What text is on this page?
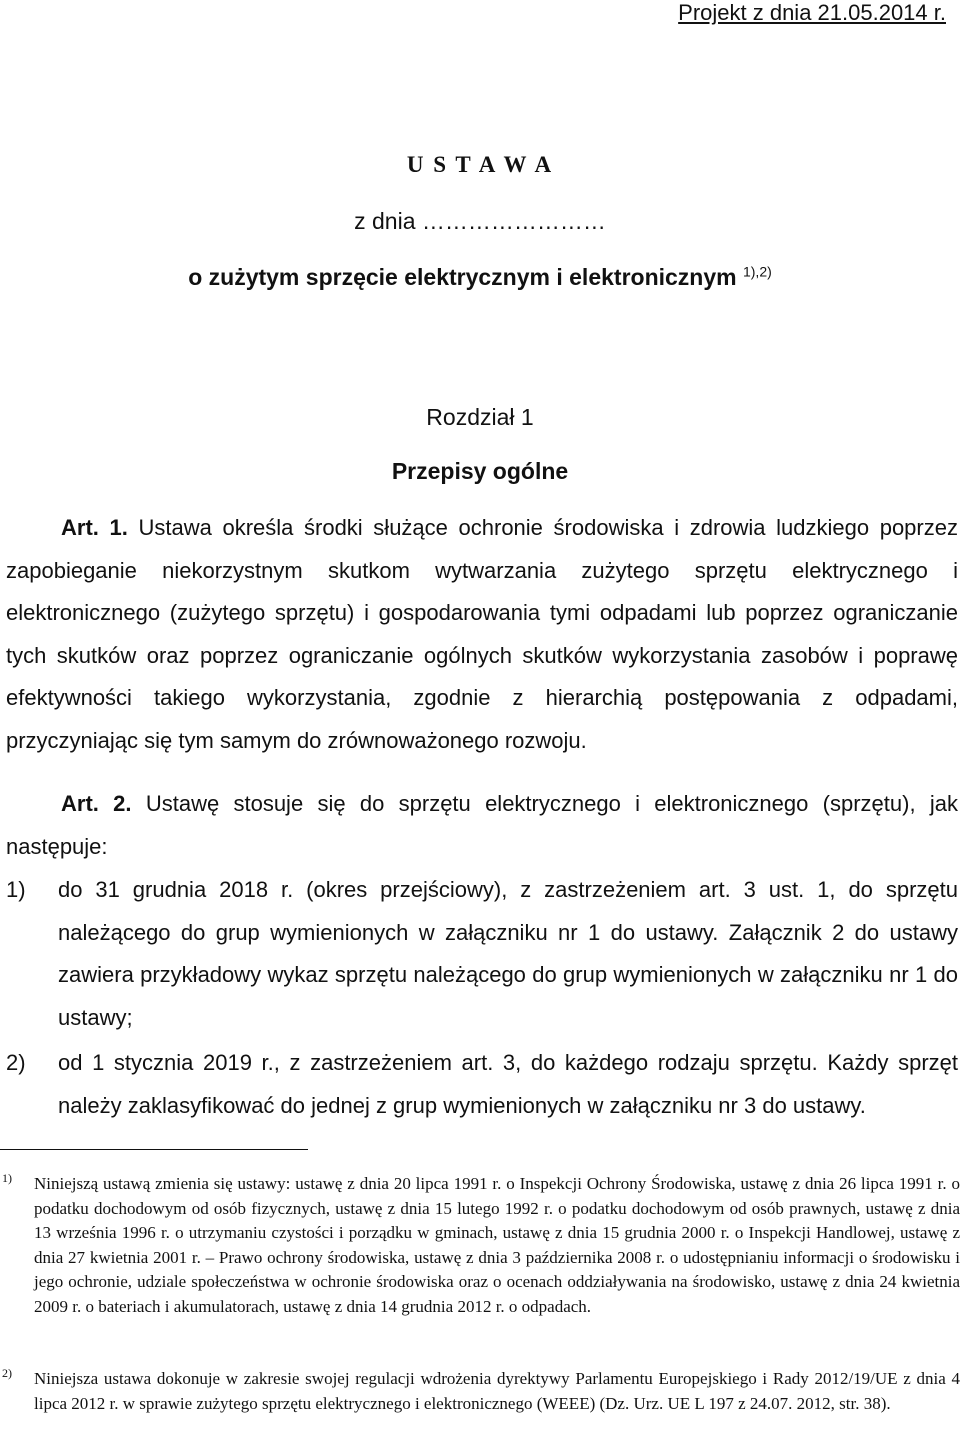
Projekt z dnia 21.05.2014 r.
U S T A W A
z dnia ……………………
o zużytym sprzęcie elektrycznym i elektronicznym $^{1),2)}$
Rozdział 1
Przepisy ogólne
Art. 1. Ustawa określa środki służące ochronie środowiska i zdrowia ludzkiego poprzez zapobieganie niekorzystnym skutkom wytwarzania zużytego sprzętu elektrycznego i elektronicznego (zużytego sprzętu) i gospodarowania tymi odpadami lub poprzez ograniczanie tych skutków oraz poprzez ograniczanie ogólnych skutków wykorzystania zasobów i poprawę efektywności takiego wykorzystania, zgodnie z hierarchią postępowania z odpadami, przyczyniając się tym samym do zrównoważonego rozwoju.
Art. 2. Ustawę stosuje się do sprzętu elektrycznego i elektronicznego (sprzętu), jak następuje:
1) do 31 grudnia 2018 r. (okres przejściowy), z zastrzeżeniem art. 3 ust. 1, do sprzętu należącego do grup wymienionych w załączniku nr 1 do ustawy. Załącznik 2 do ustawy zawiera przykładowy wykaz sprzętu należącego do grup wymienionych w załączniku nr 1 do ustawy;
2) od 1 stycznia 2019 r., z zastrzeżeniem art. 3, do każdego rodzaju sprzętu. Każdy sprzęt należy zaklasyfikować do jednej z grup wymienionych w załączniku nr 3 do ustawy.
1) Niniejszą ustawą zmienia się ustawy: ustawę z dnia 20 lipca 1991 r. o Inspekcji Ochrony Środowiska, ustawę z dnia 26 lipca 1991 r. o podatku dochodowym od osób fizycznych, ustawę z dnia 15 lutego 1992 r. o podatku dochodowym od osób prawnych, ustawę z dnia 13 września 1996 r. o utrzymaniu czystości i porządku w gminach, ustawę z dnia 15 grudnia 2000 r. o Inspekcji Handlowej, ustawę z dnia 27 kwietnia 2001 r. – Prawo ochrony środowiska, ustawę z dnia 3 października 2008 r. o udostępnianiu informacji o środowisku i jego ochronie, udziale społeczeństwa w ochronie środowiska oraz o ocenach oddziaływania na środowisko, ustawę z dnia 24 kwietnia 2009 r. o bateriach i akumulatorach, ustawę z dnia 14 grudnia 2012 r. o odpadach.
2) Niniejsza ustawa dokonuje w zakresie swojej regulacji wdrożenia dyrektywy Parlamentu Europejskiego i Rady 2012/19/UE z dnia 4 lipca 2012 r. w sprawie zużytego sprzętu elektrycznego i elektronicznego (WEEE) (Dz. Urz. UE L 197 z 24.07. 2012, str. 38).
